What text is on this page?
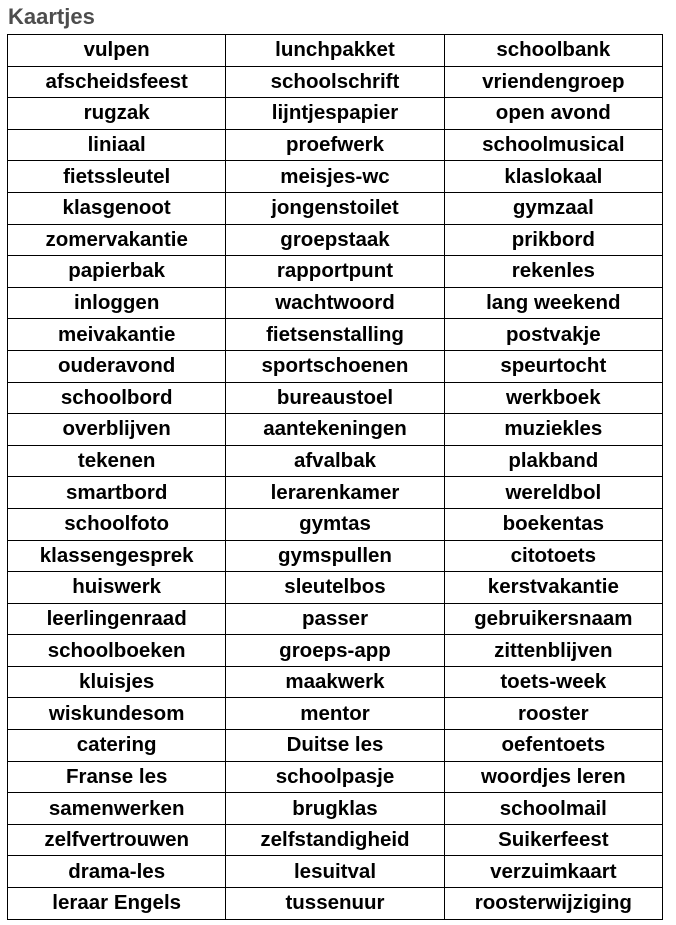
Kaartjes
vulpen	lunchpakket	schoolbank
afscheidsfeest	schoolschrift	vriendengroep
rugzak	lijntjespapier	open avond
liniaal	proefwerk	schoolmusical
fietssleutel	meisjes-wc	klaslokaal
klasgenoot	jongenstoilet	gymzaal
zomervakantie	groepstaak	prikbord
papierbak	rapportpunt	rekenles
inloggen	wachtwoord	lang weekend
meivakantie	fietsenstalling	postvakje
ouderavond	sportschoenen	speurtocht
schoolbord	bureaustoel	werkboek
overblijven	aantekeningen	muziekles
tekenen	afvalbak	plakband
smartbord	lerarenkamer	wereldbol
schoolfoto	gymtas	boekentas
klassengesprek	gymspullen	citotoets
huiswerk	sleutelbos	kerstvakantie
leerlingenraad	passer	gebruikersnaam
schoolboeken	groeps-app	zittenblijven
kluisjes	maakwerk	toets-week
wiskundesom	mentor	rooster
catering	Duitse les	oefentoets
Franse les	schoolpasje	woordjes leren
samenwerken	brugklas	schoolmail
zelfvertrouwen	zelfstandigheid	Suikerfeest
drama-les	lesuitval	verzuimkaart
leraar Engels	tussenuur	roosterwijziging
